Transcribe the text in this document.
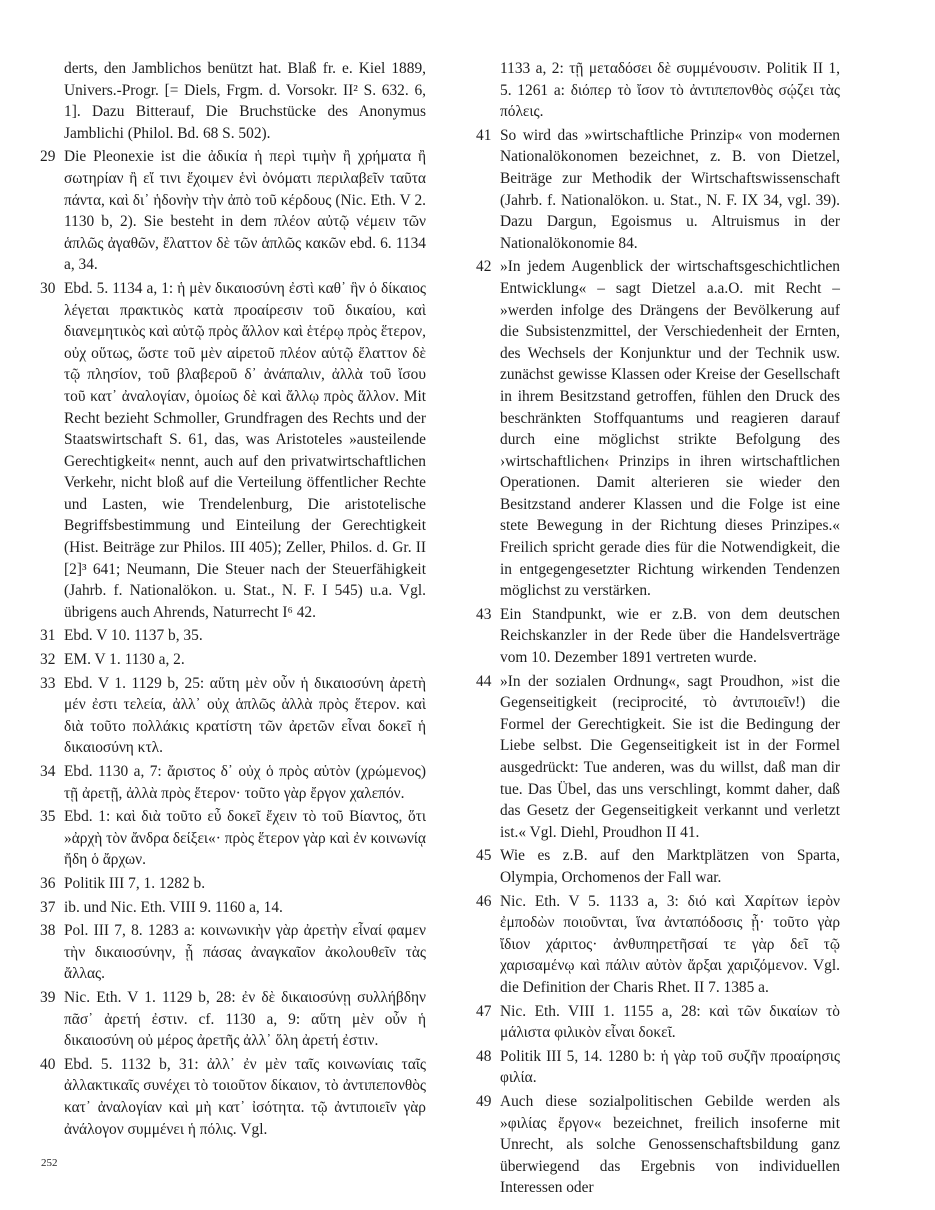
derts, den Jamblichos benützt hat. Blaß fr. e. Kiel 1889, Univers.-Progr. [= Diels, Frgm. d. Vorsokr. II² S. 632. 6, 1]. Dazu Bitterauf, Die Bruchstücke des Anonymus Jamblichi (Philol. Bd. 68 S. 502).

29 Die Pleonexie ist die ἀδικία ἡ περὶ τιμὴν ἢ χρήματα ἢ σωτηρίαν ἢ εἴ τινι ἔχοιμεν ἑνὶ ὀνόματι περιλαβεῖν ταῦτα πάντα, καὶ δι᾽ ἡδονὴν τὴν ἀπὸ τοῦ κέρδους (Nic. Eth. V 2. 1130 b, 2). Sie besteht in dem πλέον αὐτῷ νέμειν τῶν ἁπλῶς ἀγαθῶν, ἔλαττον δὲ τῶν ἁπλῶς κακῶν ebd. 6. 1134 a, 34.

30 Ebd. 5. 1134 a, 1: ἡ μὲν δικαιοσύνη ἐστὶ καθ᾽ ἣν ὁ δίκαιος λέγεται πρακτικὸς κατὰ προαίρεσιν τοῦ δικαίου, καὶ διανεμητικὸς καὶ αὑτῷ πρὸς ἄλλον καὶ ἑτέρῳ πρὸς ἕτερον, οὐχ οὕτως, ὥστε τοῦ μὲν αἱρετοῦ πλέον αὑτῷ ἔλαττον δὲ τῷ πλησίον, τοῦ βλαβεροῦ δ᾽ ἀνάπαλιν, ἀλλὰ τοῦ ἴσου τοῦ κατ᾽ ἀναλογίαν, ὁμοίως δὲ καὶ ἄλλῳ πρὸς ἄλλον. Mit Recht bezieht Schmoller, Grundfragen des Rechts und der Staatswirtschaft S. 61, das, was Aristoteles »austeilende Gerechtigkeit« nennt, auch auf den privatwirtschaftlichen Verkehr, nicht bloß auf die Verteilung öffentlicher Rechte und Lasten, wie Trendelenburg, Die aristotelische Begriffsbestimmung und Einteilung der Gerechtigkeit (Hist. Beiträge zur Philos. III 405); Zeller, Philos. d. Gr. II [2]³ 641; Neumann, Die Steuer nach der Steuerfähigkeit (Jahrb. f. Nationalökon. u. Stat., N. F. I 545) u.a. Vgl. übrigens auch Ahrends, Naturrecht I⁶ 42.

31 Ebd. V 10. 1137 b, 35.

32 EM. V 1. 1130 a, 2.

33 Ebd. V 1. 1129 b, 25: αὕτη μὲν οὖν ἡ δικαιοσύνη ἀρετὴ μέν ἐστι τελεία, ἀλλ᾽ οὐχ ἁπλῶς ἀλλὰ πρὸς ἕτερον. καὶ διὰ τοῦτο πολλάκις κρατίστη τῶν ἀρετῶν εἶναι δοκεῖ ἡ δικαιοσύνη κτλ.

34 Ebd. 1130 a, 7: ἄριστος δ᾽ οὐχ ὁ πρὸς αὑτὸν (χρώμενος) τῇ ἀρετῇ, ἀλλὰ πρὸς ἕτερον· τοῦτο γὰρ ἔργον χαλεπόν.

35 Ebd. 1: καὶ διὰ τοῦτο εὖ δοκεῖ ἔχειν τὸ τοῦ Βίαντος, ὅτι »ἀρχὴ τὸν ἄνδρα δείξει«· πρὸς ἕτερον γὰρ καὶ ἐν κοινωνίᾳ ἤδη ὁ ἄρχων.

36 Politik III 7, 1. 1282 b.

37 ib. und Nic. Eth. VIII 9. 1160 a, 14.

38 Pol. III 7, 8. 1283 a: κοινωνικὴν γὰρ ἀρετὴν εἶναί φαμεν τὴν δικαιοσύνην, ᾗ πάσας ἀναγκαῖον ἀκολουθεῖν τὰς ἄλλας.

39 Nic. Eth. V 1. 1129 b, 28: ἐν δὲ δικαιοσύνῃ συλλήβδην πᾶσ᾽ ἀρετή ἐστιν. cf. 1130 a, 9: αὕτη μὲν οὖν ἡ δικαιοσύνη οὐ μέρος ἀρετῆς ἀλλ᾽ ὅλη ἀρετή ἐστιν.

40 Ebd. 5. 1132 b, 31: ἀλλ᾽ ἐν μὲν ταῖς κοινωνίαις ταῖς ἀλλακτικαῖς συνέχει τὸ τοιοῦτον δίκαιον, τὸ ἀντιπεπονθὸς κατ᾽ ἀναλογίαν καὶ μὴ κατ᾽ ἰσότητα. τῷ ἀντιποιεῖν γὰρ ἀνάλογον συμμένει ἡ πόλις. Vgl.

1133 a, 2: τῇ μεταδόσει δὲ συμμένουσιν. Politik II 1, 5. 1261 a: διόπερ τὸ ἴσον τὸ ἀντιπεπονθὸς σῴζει τὰς πόλεις.

41 So wird das »wirtschaftliche Prinzip« von modernen Nationalökonomen bezeichnet, z. B. von Dietzel, Beiträge zur Methodik der Wirtschaftswissenschaft (Jahrb. f. Nationalökon. u. Stat., N. F. IX 34, vgl. 39). Dazu Dargun, Egoismus u. Altruismus in der Nationalökonomie 84.

42 »In jedem Augenblick der wirtschaftsgeschichtlichen Entwicklung« – sagt Dietzel a.a.O. mit Recht – »werden infolge des Drängens der Bevölkerung auf die Subsistenzmittel, der Verschiedenheit der Ernten, des Wechsels der Konjunktur und der Technik usw. zunächst gewisse Klassen oder Kreise der Gesellschaft in ihrem Besitzstand getroffen, fühlen den Druck des beschränkten Stoffquantums und reagieren darauf durch eine möglichst strikte Befolgung des ›wirtschaftlichen‹ Prinzips in ihren wirtschaftlichen Operationen. Damit alterieren sie wieder den Besitzstand anderer Klassen und die Folge ist eine stete Bewegung in der Richtung dieses Prinzipes.« Freilich spricht gerade dies für die Notwendigkeit, die in entgegengesetzter Richtung wirkenden Tendenzen möglichst zu verstärken.

43 Ein Standpunkt, wie er z.B. von dem deutschen Reichskanzler in der Rede über die Handelsverträge vom 10. Dezember 1891 vertreten wurde.

44 »In der sozialen Ordnung«, sagt Proudhon, »ist die Gegenseitigkeit (reciprocité, τὸ ἀντιποιεῖν!) die Formel der Gerechtigkeit. Sie ist die Bedingung der Liebe selbst. Die Gegenseitigkeit ist in der Formel ausgedrückt: Tue anderen, was du willst, daß man dir tue. Das Übel, das uns verschlingt, kommt daher, daß das Gesetz der Gegenseitigkeit verkannt und verletzt ist.« Vgl. Diehl, Proudhon II 41.

45 Wie es z.B. auf den Marktplätzen von Sparta, Olympia, Orchomenos der Fall war.

46 Nic. Eth. V 5. 1133 a, 3: διό καὶ Χαρίτων ἱερὸν ἐμποδὼν ποιοῦνται, ἵνα ἀνταπόδοσις ᾖ· τοῦτο γὰρ ἴδιον χάριτος· ἀνθυπηρετῆσαί τε γὰρ δεῖ τῷ χαρισαμένῳ καὶ πάλιν αὐτὸν ἄρξαι χαριζόμενον. Vgl. die Definition der Charis Rhet. II 7. 1385 a.

47 Nic. Eth. VIII 1. 1155 a, 28: καὶ τῶν δικαίων τὸ μάλιστα φιλικὸν εἶναι δοκεῖ.

48 Politik III 5, 14. 1280 b: ἡ γὰρ τοῦ συζῆν προαίρησις φιλία.

49 Auch diese sozialpolitischen Gebilde werden als »φιλίας ἔργον« bezeichnet, freilich insoferne mit Unrecht, als solche Genossenschaftsbildung ganz überwiegend das Ergebnis von individuellen Interessen oder

252
